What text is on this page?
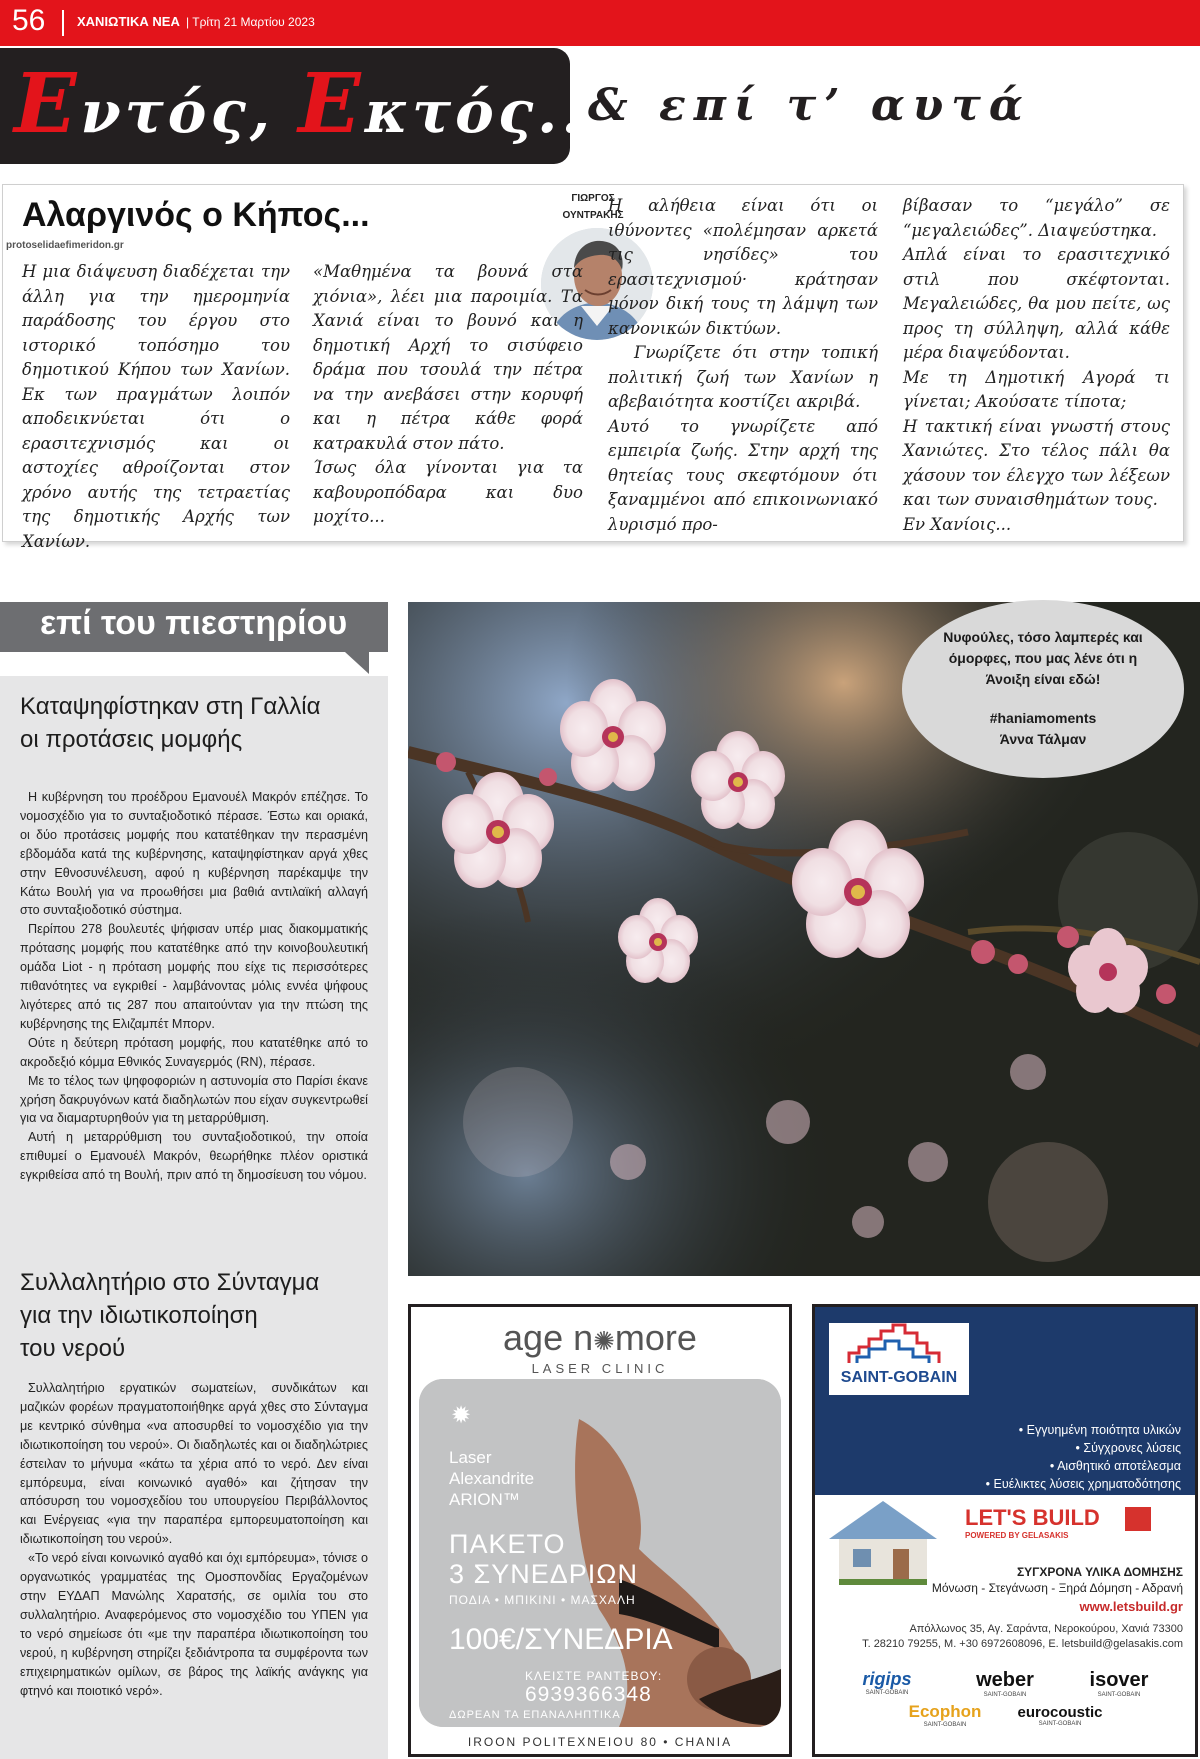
56 ΧΑΝΙΩΤΙΚΑ ΝΕΑ | Τρίτη 21 Μαρτίου 2023
Εντός, Εκτός...
& επί τ’ αυτά
Αλαργινός ο Κήπος...
protoselidaefimeridon.gr
ΓΙΩΡΓΟΣ
ΟΥΝΤΡΑΚΗΣ

Η μια διάψευση διαδέχεται την άλλη για την ημερομηνία παράδοσης του έργου στο ιστορικό τοπόσημο του δημοτικού Κήπου των Χανίων. Εκ των πραγμάτων λοιπόν αποδεικνύεται ότι ο ερασιτεχνισμός και οι αστοχίες αθροίζονται στον χρόνο αυτής της τετραετίας της δημοτικής Αρχής των Χανίων.

«Μαθημένα τα βουνά στα χιόνια», λέει μια παροιμία. Τα Χανιά είναι το βουνό και η δημοτική Αρχή το σισύφειο δράμα που τσουλά την πέτρα να την ανεβάσει στην κορυφή και η πέτρα κάθε φορά κατρακυλά στον πάτο.

Ίσως όλα γίνονται για τα καβουροπόδαρα και δυο μοχίτο...

Η αλήθεια είναι ότι οι ιθύνοντες «πολέμησαν αρκετά τις νησίδες» του ερασιτεχνισμού· κράτησαν μόνον δική τους τη λάμψη των κανονικών δικτύων.

Γνωρίζετε ότι στην τοπική πολιτική ζωή των Χανίων η αβεβαιότητα κοστίζει ακριβά.

Αυτό το γνωρίζετε από εμπειρία ζωής. Στην αρχή της θητείας τους σκεφτόμουν ότι ξαναμμένοι από επικοινωνιακό λυρισμό προ-

βίβασαν το “μεγάλο” σε “μεγαλειώδες”. Διαψεύστηκα.

Απλά είναι το ερασιτεχνικό στιλ που σκέφτονται. Μεγαλειώδες, θα μου πείτε, ως προς τη σύλληψη, αλλά κάθε μέρα διαψεύδονται.

Με τη Δημοτική Αγορά τι γίνεται; Ακούσατε τίποτα;

Η τακτική είναι γνωστή στους Χανιώτες. Στο τέλος πάλι θα χάσουν τον έλεγχο των λέξεων και των συναισθημάτων τους.

Εν Χανίοις...

επί του πιεστηρίου
Καταψηφίστηκαν στη Γαλλία
οι προτάσεις μομφής

Η κυβέρνηση του προέδρου Εμανουέλ Μακρόν επέζησε. Το νομοσχέδιο για το συνταξιοδοτικό πέρασε. Έστω και οριακά, οι δύο προτάσεις μομφής που κατατέθηκαν την περασμένη εβδομάδα κατά της κυβέρνησης, καταψηφίστηκαν αργά χθες στην Εθνοσυνέλευση, αφού η κυβέρνηση παρέκαμψε την Κάτω Βουλή για να προωθήσει μια βαθιά αντιλαϊκή αλλαγή στο συνταξιοδοτικό σύστημα.

Περίπου 278 βουλευτές ψήφισαν υπέρ μιας διακομματικής πρότασης μομφής που κατατέθηκε από την κοινοβουλευτική ομάδα Liot - η πρόταση μομφής που είχε τις περισσότερες πιθανότητες να εγκριθεί - λαμβάνοντας μόλις εννέα ψήφους λιγότερες από τις 287 που απαιτούνταν για την πτώση της κυβέρνησης της Ελιζαμπέτ Μπορν.

Ούτε η δεύτερη πρόταση μομφής, που κατατέθηκε από το ακροδεξιό κόμμα Εθνικός Συναγερμός (RN), πέρασε.

Με το τέλος των ψηφοφοριών η αστυνομία στο Παρίσι έκανε χρήση δακρυγόνων κατά διαδηλωτών που είχαν συγκεντρωθεί για να διαμαρτυρηθούν για τη μεταρρύθμιση.

Αυτή η μεταρρύθμιση του συνταξιοδοτικού, την οποία επιθυμεί ο Εμανουέλ Μακρόν, θεωρήθηκε πλέον οριστικά εγκριθείσα από τη Βουλή, πριν από τη δημοσίευση του νόμου.

Συλλαλητήριο στο Σύνταγμα
για την ιδιωτικοποίηση
του νερού

Συλλαλητήριο εργατικών σωματείων, συνδικάτων και μαζικών φορέων πραγματοποιήθηκε αργά χθες στο Σύνταγμα με κεντρικό σύνθημα «να αποσυρθεί το νομοσχέδιο για την ιδιωτικοποίηση του νερού». Οι διαδηλωτές και οι διαδηλώτριες έστειλαν το μήνυμα «κάτω τα χέρια από το νερό. Δεν είναι εμπόρευμα, είναι κοινωνικό αγαθό» και ζήτησαν την απόσυρση του νομοσχεδίου του υπουργείου Περιβάλλοντος και Ενέργειας «για την παραπέρα εμπορευματοποίηση και ιδιωτικοποίηση του νερού».

«Το νερό είναι κοινωνικό αγαθό και όχι εμπόρευμα», τόνισε ο οργανωτικός γραμματέας της Ομοσπονδίας Εργαζομένων στην ΕΥΔΑΠ Μανώλης Χαρατσής, σε ομιλία του στο συλλαλητήριο. Αναφερόμενος στο νομοσχέδιο του ΥΠΕΝ για το νερό σημείωσε ότι «με την παραπέρα ιδιωτικοποίηση του νερού, η κυβέρνηση στηρίζει ξεδιάντροπα τα συμφέροντα των επιχειρηματικών ομίλων, σε βάρος της λαϊκής ανάγκης για φτηνό και ποιοτικό νερό».

Νυφούλες, τόσο λαμπερές και όμορφες, που μας λένε ότι η Άνοιξη είναι εδώ!
#haniamoments
Άννα Τάλμαν
age n✺more
LASER CLINIC
✹
Laser
Alexandrite
ARION™
ΠΑΚΕΤΟ
3 ΣΥΝΕΔΡΙΩΝ
ΠΟΔΙΑ • ΜΠΙΚΙΝΙ • ΜΑΣΧΑΛΗ
100€/ΣΥΝΕΔΡΙΑ
ΚΛΕΙΣΤΕ ΡΑΝΤΕΒΟΥ:
6939366348
ΔΩΡΕΑΝ ΤΑ ΕΠΑΝΑΛΗΠΤΙΚΑ
IROON POLITEXNEIOU 80 • CHANIA
SAINT-GOBAIN
• Εγγυημένη ποιότητα υλικών
• Σύγχρονες λύσεις
• Αισθητικό αποτέλεσμα
• Ευέλικτες λύσεις χρηματοδότησης
LET'S BUILD
POWERED BY GELASAKIS
ΣΥΓΧΡΟΝΑ ΥΛΙΚΑ ΔΟΜΗΣΗΣ
Μόνωση - Στεγάνωση - Ξηρά Δόμηση - Αδρανή
www.letsbuild.gr
Απόλλωνος 35, Αγ. Σαράντα, Νεροκούρου, Χανιά 73300
T. 28210 79255, M. +30 6972608096, E. letsbuild@gelasakis.com
rigips
SAINT-GOBAIN
weber
SAINT-GOBAIN
isover
SAINT-GOBAIN
Ecophon
SAINT-GOBAIN
eurocoustic
SAINT-GOBAIN
